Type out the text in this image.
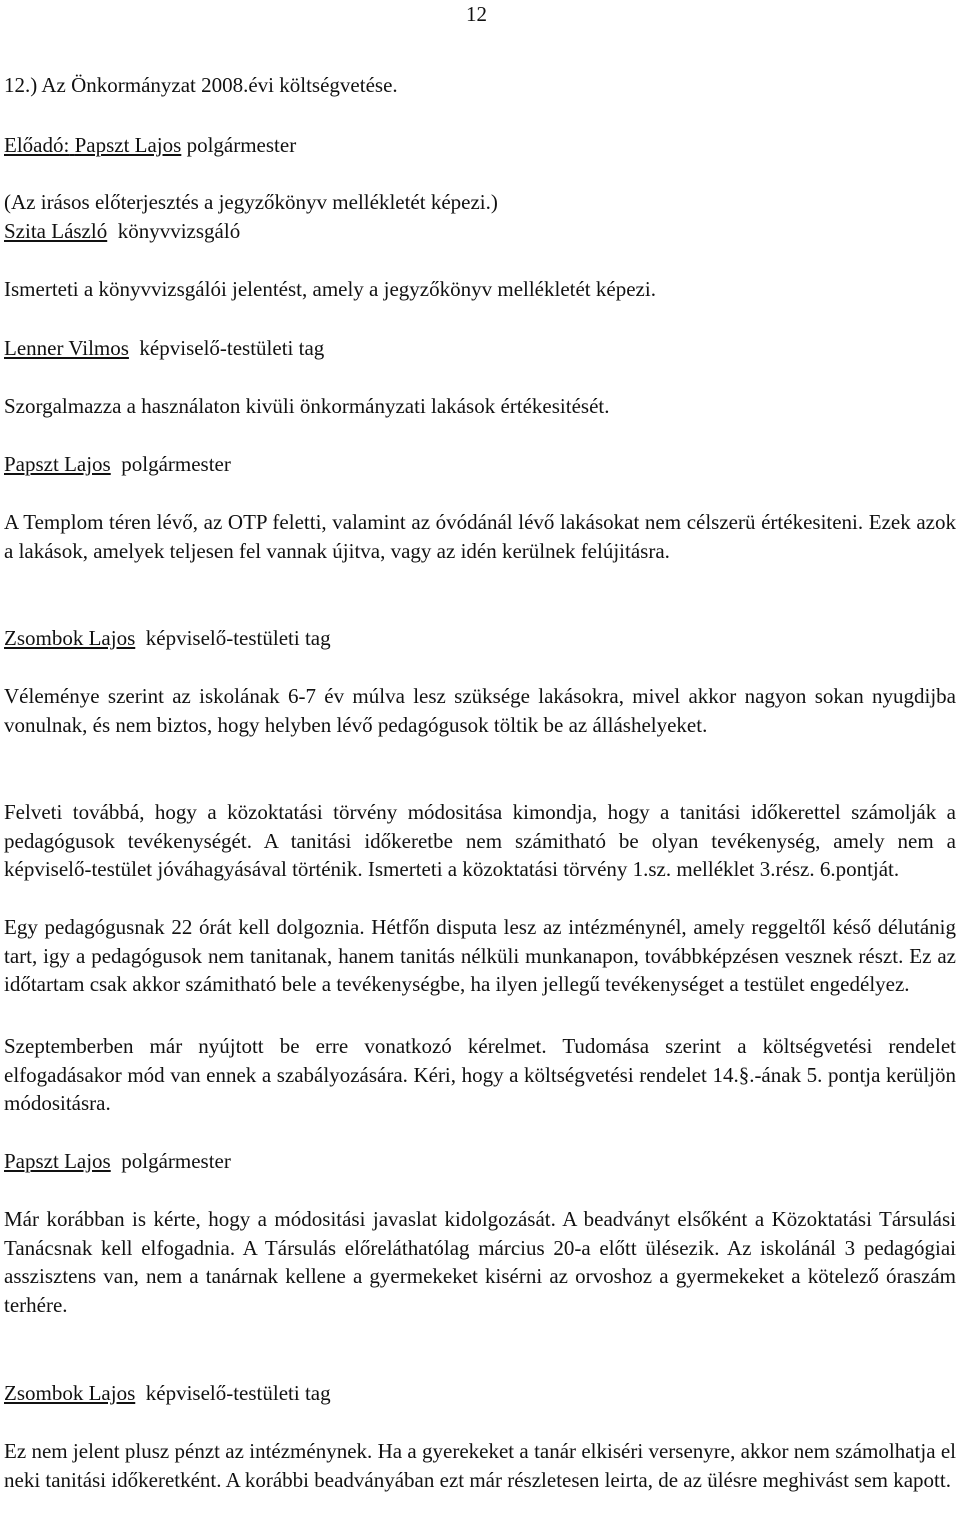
12
12.) Az Önkormányzat 2008.évi költségvetése.
Előadó: Papszt Lajos polgármester
(Az irásos előterjesztés a jegyzőkönyv mellékletét képezi.)
Szita László könyvvizsgáló
Ismerteti a könyvvizsgálói jelentést, amely a jegyzőkönyv mellékletét képezi.
Lenner Vilmos képviselő-testületi tag
Szorgalmazza a használaton kivüli önkormányzati lakások értékesitését.
Papszt Lajos polgármester
A Templom téren lévő, az OTP feletti, valamint az óvódánál lévő lakásokat nem célszerü értékesiteni. Ezek azok a lakások, amelyek teljesen fel vannak újitva, vagy az idén kerülnek felújitásra.
Zsombok Lajos képviselő-testületi tag
Véleménye szerint az iskolának 6-7 év múlva lesz szüksége lakásokra, mivel akkor nagyon sokan nyugdijba vonulnak, és nem biztos, hogy helyben lévő pedagógusok töltik be az álláshelyeket.
Felveti továbbá, hogy a közoktatási törvény módositása kimondja, hogy a tanitási időkerettel számolják a pedagógusok tevékenységét. A tanitási időkeretbe nem számitható be olyan tevékenység, amely nem a képviselő-testület jóváhagyásával történik. Ismerteti a közoktatási törvény 1.sz. melléklet 3.rész. 6.pontját.
Egy pedagógusnak 22 órát kell dolgoznia. Hétfőn disputa lesz az intézménynél, amely reggeltől késő délutánig tart, igy a pedagógusok nem tanitanak, hanem tanitás nélküli munkanapon, továbbképzésen vesznek részt. Ez az időtartam csak akkor számitható bele a tevékenységbe, ha ilyen jellegű tevékenységet a testület engedélyez.
Szeptemberben már nyújtott be erre vonatkozó kérelmet. Tudomása szerint a költségvetési rendelet elfogadásakor mód van ennek a szabályozására. Kéri, hogy a költségvetési rendelet 14.§.-ának 5. pontja kerüljön módositásra.
Papszt Lajos polgármester
Már korábban is kérte, hogy a módositási javaslat kidolgozását. A beadványt elsőként a Közoktatási Társulási Tanácsnak kell elfogadnia. A Társulás előreláthatólag március 20-a előtt ülésezik. Az iskolánál 3 pedagógiai asszisztens van, nem a tanárnak kellene a gyermekeket kisérni az orvoshoz a gyermekeket a kötelező óraszám terhére.
Zsombok Lajos képviselő-testületi tag
Ez nem jelent plusz pénzt az intézménynek. Ha a gyerekeket a tanár elkiséri versenyre, akkor nem számolhatja el neki tanitási időkeretként. A korábbi beadványában ezt már részletesen leirta, de az ülésre meghivást sem kapott.
